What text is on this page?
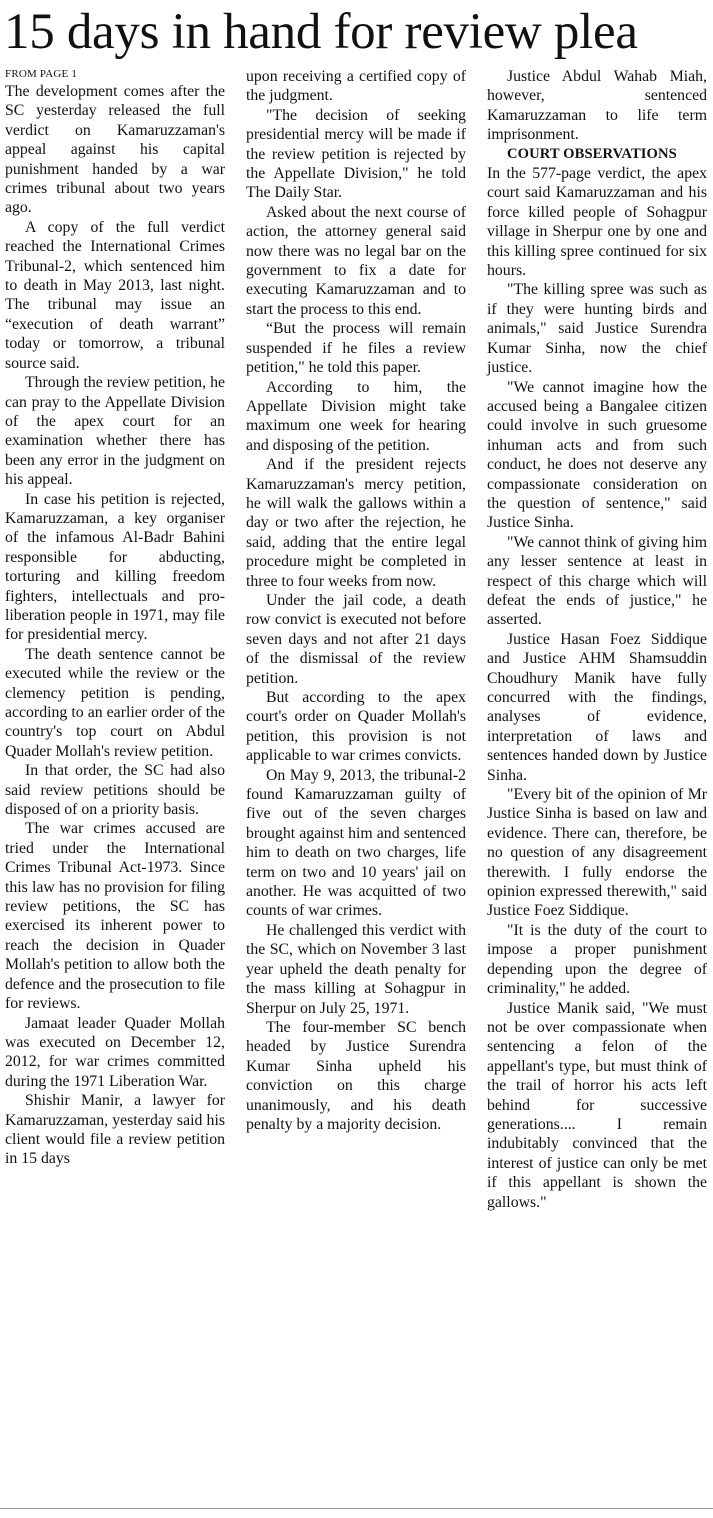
15 days in hand for review plea
FROM PAGE 1

The development comes after the SC yesterday released the full verdict on Kamaruzzaman's appeal against his capital punishment handed by a war crimes tribunal about two years ago.

A copy of the full verdict reached the International Crimes Tribunal-2, which sentenced him to death in May 2013, last night. The tribunal may issue an “execution of death warrant” today or tomorrow, a tribunal source said.

Through the review petition, he can pray to the Appellate Division of the apex court for an examination whether there has been any error in the judgment on his appeal.

In case his petition is rejected, Kamaruzzaman, a key organiser of the infamous Al-Badr Bahini responsible for abducting, torturing and killing freedom fighters, intellectuals and pro-liberation people in 1971, may file for presidential mercy.

The death sentence cannot be executed while the review or the clemency petition is pending, according to an earlier order of the country's top court on Abdul Quader Mollah's review petition.

In that order, the SC had also said review petitions should be disposed of on a priority basis.

The war crimes accused are tried under the International Crimes Tribunal Act-1973. Since this law has no provision for filing review petitions, the SC has exercised its inherent power to reach the decision in Quader Mollah's petition to allow both the defence and the prosecution to file for reviews.

Jamaat leader Quader Mollah was executed on December 12, 2012, for war crimes committed during the 1971 Liberation War.

Shishir Manir, a lawyer for Kamaruzzaman, yesterday said his client would file a review petition in 15 days

upon receiving a certified copy of the judgment.

"The decision of seeking presidential mercy will be made if the review petition is rejected by the Appellate Division," he told The Daily Star.

Asked about the next course of action, the attorney general said now there was no legal bar on the government to fix a date for executing Kamaruzzaman and to start the process to this end.

“But the process will remain suspended if he files a review petition," he told this paper.

According to him, the Appellate Division might take maximum one week for hearing and disposing of the petition.

And if the president rejects Kamaruzzaman's mercy petition, he will walk the gallows within a day or two after the rejection, he said, adding that the entire legal procedure might be completed in three to four weeks from now.

Under the jail code, a death row convict is executed not before seven days and not after 21 days of the dismissal of the review petition.

But according to the apex court's order on Quader Mollah's petition, this provision is not applicable to war crimes convicts.

On May 9, 2013, the tribunal-2 found Kamaruzzaman guilty of five out of the seven charges brought against him and sentenced him to death on two charges, life term on two and 10 years' jail on another. He was acquitted of two counts of war crimes.

He challenged this verdict with the SC, which on November 3 last year upheld the death penalty for the mass killing at Sohagpur in Sherpur on July 25, 1971.

The four-member SC bench headed by Justice Surendra Kumar Sinha upheld his conviction on this charge unanimously, and his death penalty by a majority decision.

Justice Abdul Wahab Miah, however, sentenced Kamaruzzaman to life term imprisonment.

COURT OBSERVATIONS

In the 577-page verdict, the apex court said Kamaruzzaman and his force killed people of Sohagpur village in Sherpur one by one and this killing spree continued for six hours.

"The killing spree was such as if they were hunting birds and animals," said Justice Surendra Kumar Sinha, now the chief justice.

"We cannot imagine how the accused being a Bangalee citizen could involve in such gruesome inhuman acts and from such conduct, he does not deserve any compassionate consideration on the question of sentence," said Justice Sinha.

"We cannot think of giving him any lesser sentence at least in respect of this charge which will defeat the ends of justice," he asserted.

Justice Hasan Foez Siddique and Justice AHM Shamsuddin Choudhury Manik have fully concurred with the findings, analyses of evidence, interpretation of laws and sentences handed down by Justice Sinha.

"Every bit of the opinion of Mr Justice Sinha is based on law and evidence. There can, therefore, be no question of any disagreement therewith. I fully endorse the opinion expressed therewith," said Justice Foez Siddique.

"It is the duty of the court to impose a proper punishment depending upon the degree of criminality," he added.

Justice Manik said, "We must not be over compassionate when sentencing a felon of the appellant's type, but must think of the trail of horror his acts left behind for successive generations.... I remain indubitably convinced that the interest of justice can only be met if this appellant is shown the gallows."
